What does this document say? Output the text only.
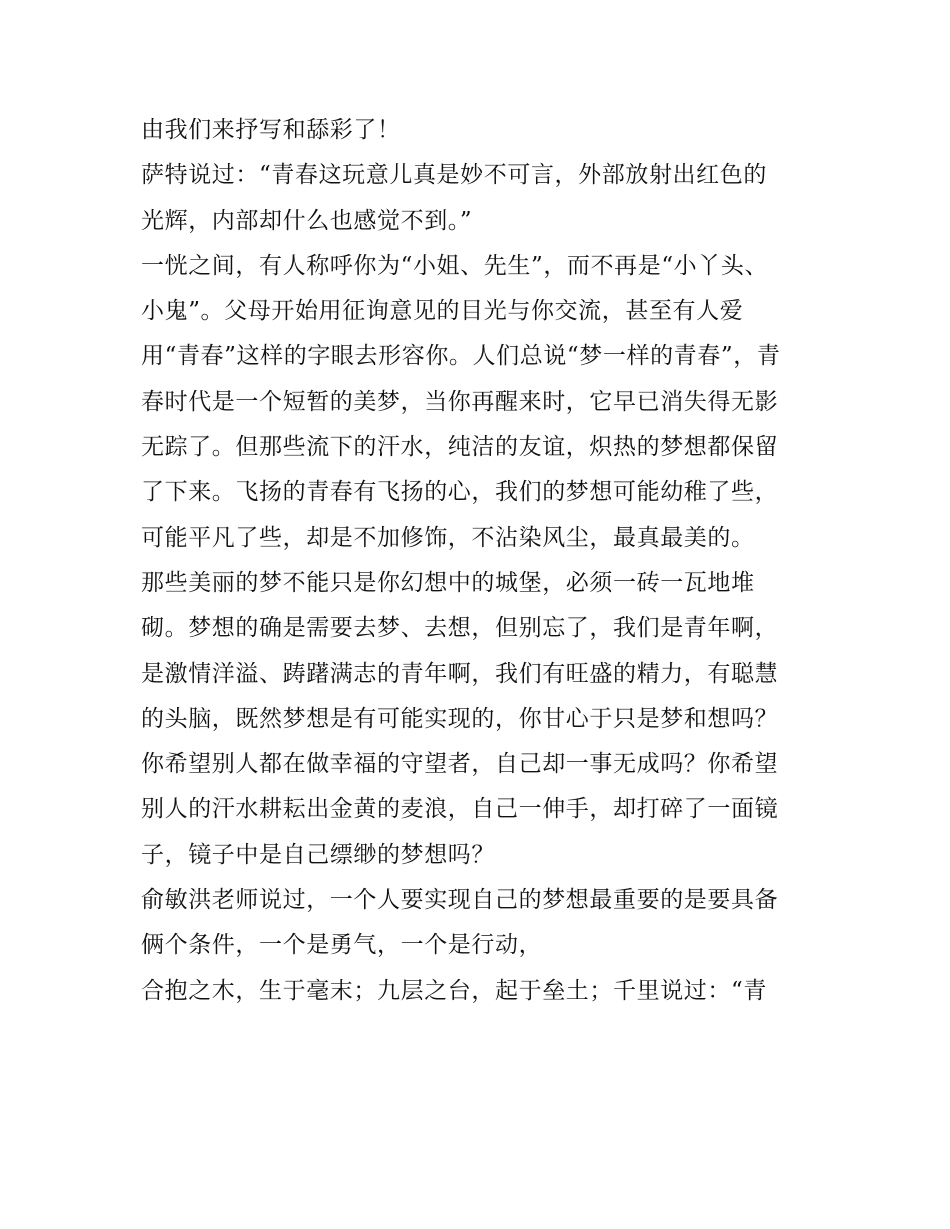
由我们来抒写和舔彩了！
萨特说过：“青春这玩意儿真是妙不可言，外部放射出红色的
光辉，内部却什么也感觉不到。”
一恍之间，有人称呼你为“小姐、先生”，而不再是“小丫头、
小鬼”。父母开始用征询意见的目光与你交流，甚至有人爱
用“青春”这样的字眼去形容你。人们总说“梦一样的青春”，青
春时代是一个短暂的美梦，当你再醒来时，它早已消失得无影
无踪了。但那些流下的汗水，纯洁的友谊，炽热的梦想都保留
了下来。飞扬的青春有飞扬的心，我们的梦想可能幼稚了些，
可能平凡了些，却是不加修饰，不沾染风尘，最真最美的。
那些美丽的梦不能只是你幻想中的城堡，必须一砖一瓦地堆
砌。梦想的确是需要去梦、去想，但别忘了，我们是青年啊，
是激情洋溢、踌躇满志的青年啊，我们有旺盛的精力，有聪慧
的头脑，既然梦想是有可能实现的，你甘心于只是梦和想吗？
你希望别人都在做幸福的守望者，自己却一事无成吗？你希望
别人的汗水耕耘出金黄的麦浪，自己一伸手，却打碎了一面镜
子，镜子中是自己缥缈的梦想吗？
俞敏洪老师说过，一个人要实现自己的梦想最重要的是要具备
俩个条件，一个是勇气，一个是行动，
合抱之木，生于毫末；九层之台，起于垒土；千里说过：“青
